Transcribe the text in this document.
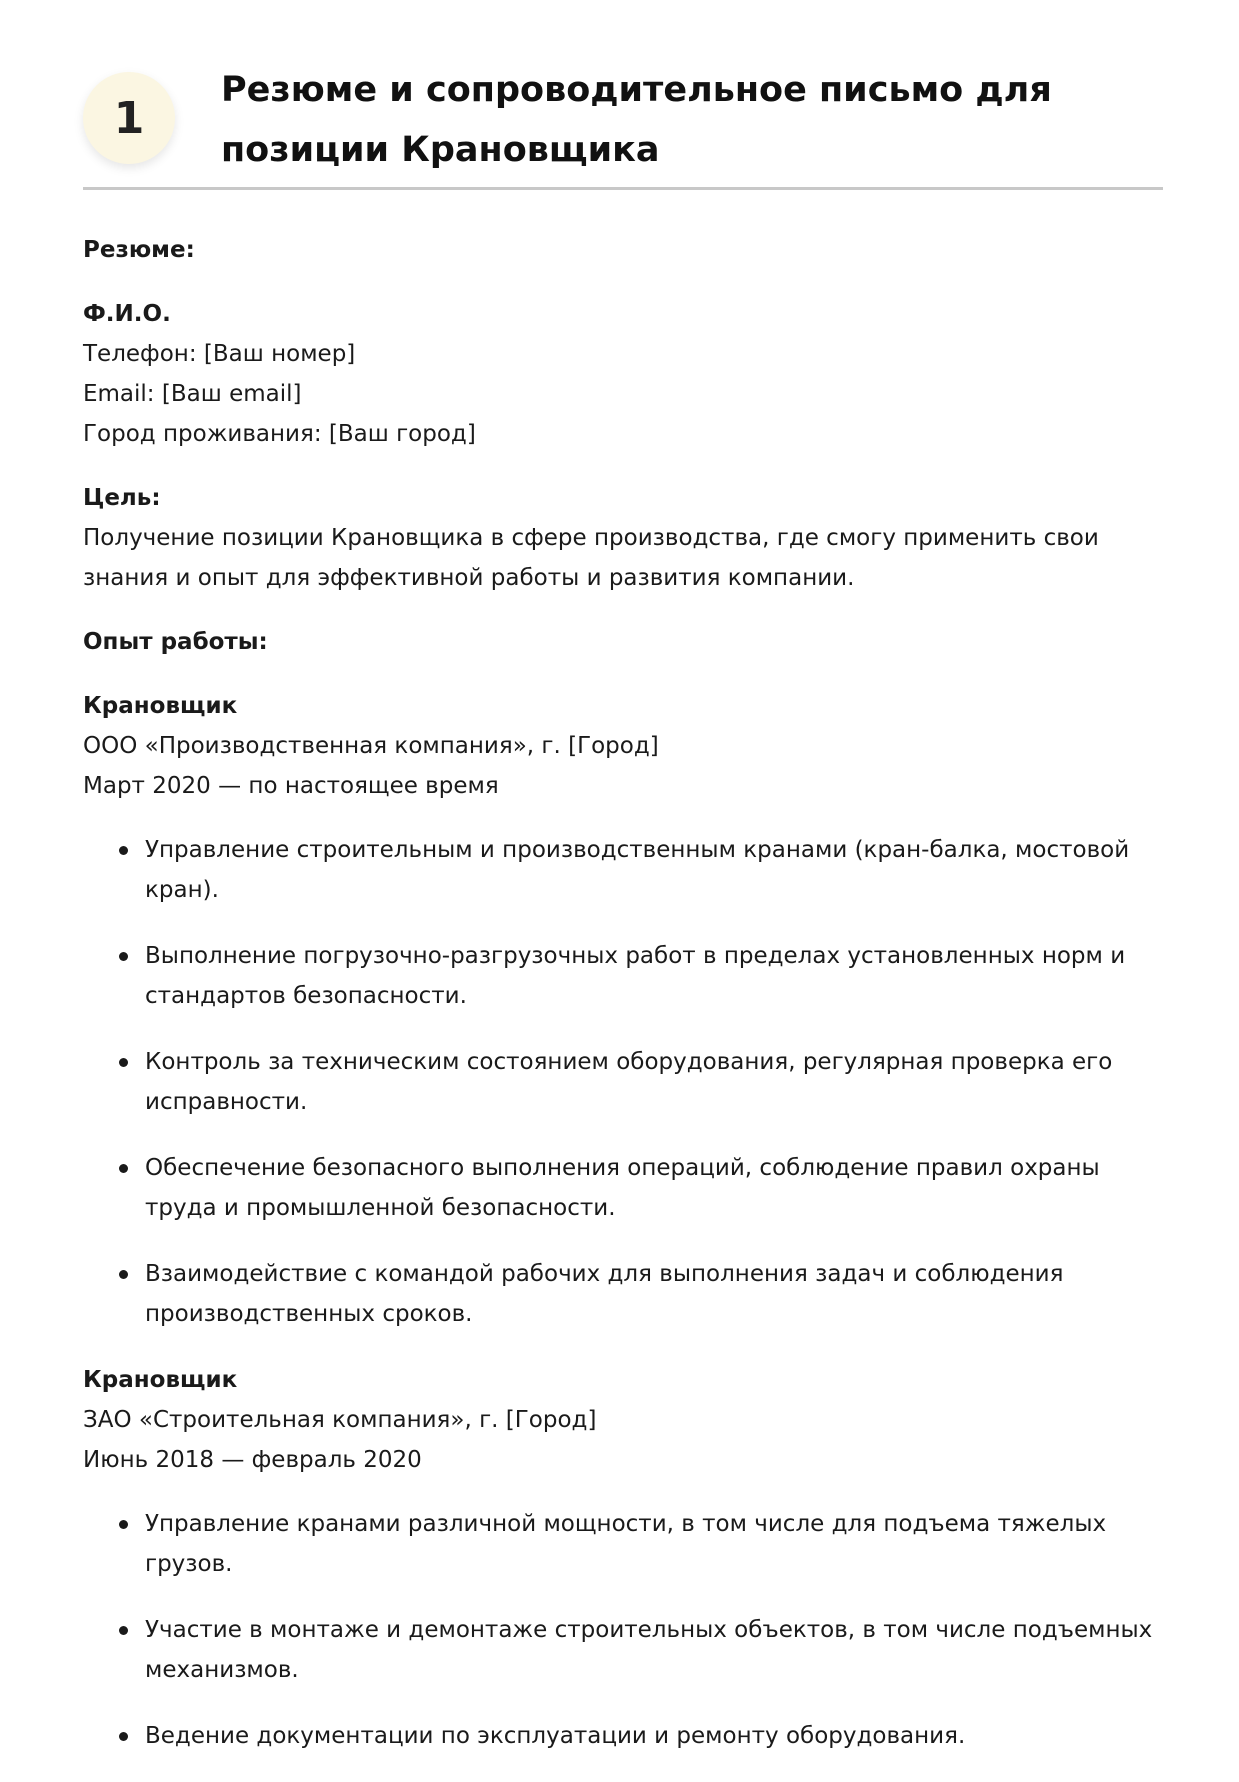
1
Резюме и сопроводительное письмо для позиции Крановщика

Резюме:

Ф.И.О.
Телефон: [Ваш номер]
Email: [Ваш email]
Город проживания: [Ваш город]
Цель:
Получение позиции Крановщика в сфере производства, где смогу применить свои знания и опыт для эффективной работы и развития компании.

Опыт работы:

Крановщик
ООО «Производственная компания», г. [Город]
Март 2020 — по настоящее время
Управление строительным и производственным кранами (кран-балка, мостовой кран).
Выполнение погрузочно-разгрузочных работ в пределах установленных норм и стандартов безопасности.
Контроль за техническим состоянием оборудования, регулярная проверка его исправности.
Обеспечение безопасного выполнения операций, соблюдение правил охраны труда и промышленной безопасности.
Взаимодействие с командой рабочих для выполнения задач и соблюдения производственных сроков.
Крановщик
ЗАО «Строительная компания», г. [Город]
Июнь 2018 — февраль 2020
Управление кранами различной мощности, в том числе для подъема тяжелых грузов.
Участие в монтаже и демонтаже строительных объектов, в том числе подъемных механизмов.
Ведение документации по эксплуатации и ремонту оборудования.
